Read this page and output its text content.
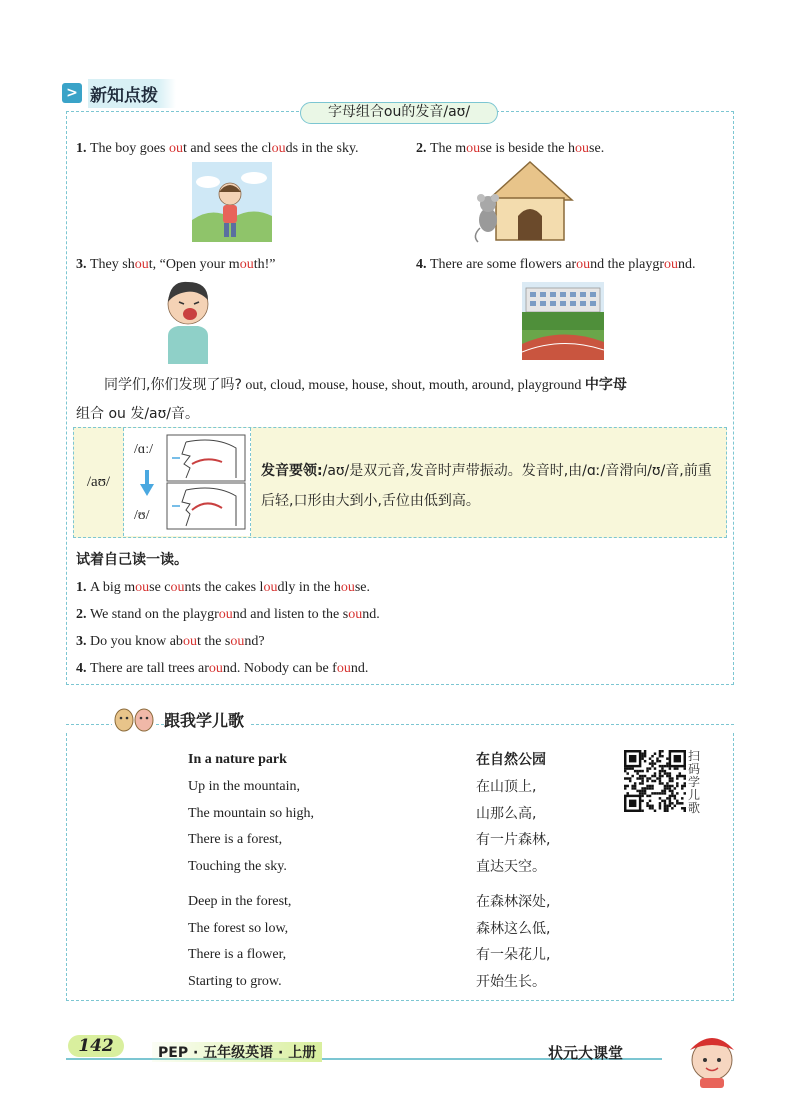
> 新知点拨
字母组合ou的发音/aʊ/
1. The boy goes out and sees the clouds in the sky.	2. The mouse is beside the house.
3. They shout, “Open your mouth!”	4. There are some flowers around the playground.
同学们,你们发现了吗? out, cloud, mouse, house, shout, mouth, around, playground 中字母
组合 ou 发/aʊ/音。
/aʊ/
/ɑː/
/ʊ/
发音要领:/aʊ/是双元音,发音时声带振动。发音时,由/ɑː/音滑向/ʊ/音,前重后轻,口形由大到小,舌位由低到高。
试着自己读一读。
1. A big mouse counts the cakes loudly in the house.
2. We stand on the playground and listen to the sound.
3. Do you know about the sound?
4. There are tall trees around. Nobody can be found.
跟我学儿歌
In a nature park	在自然公园
Up in the mountain,	在山顶上,
The mountain so high,	山那么高,
There is a forest,	有一片森林,
Touching the sky.	直达天空。
Deep in the forest,	在森林深处,
The forest so low,	森林这么低,
There is a flower,	有一朵花儿,
Starting to grow.	开始生长。
扫码学儿歌
142	PEP · 五年级英语 · 上册	状元大课堂
